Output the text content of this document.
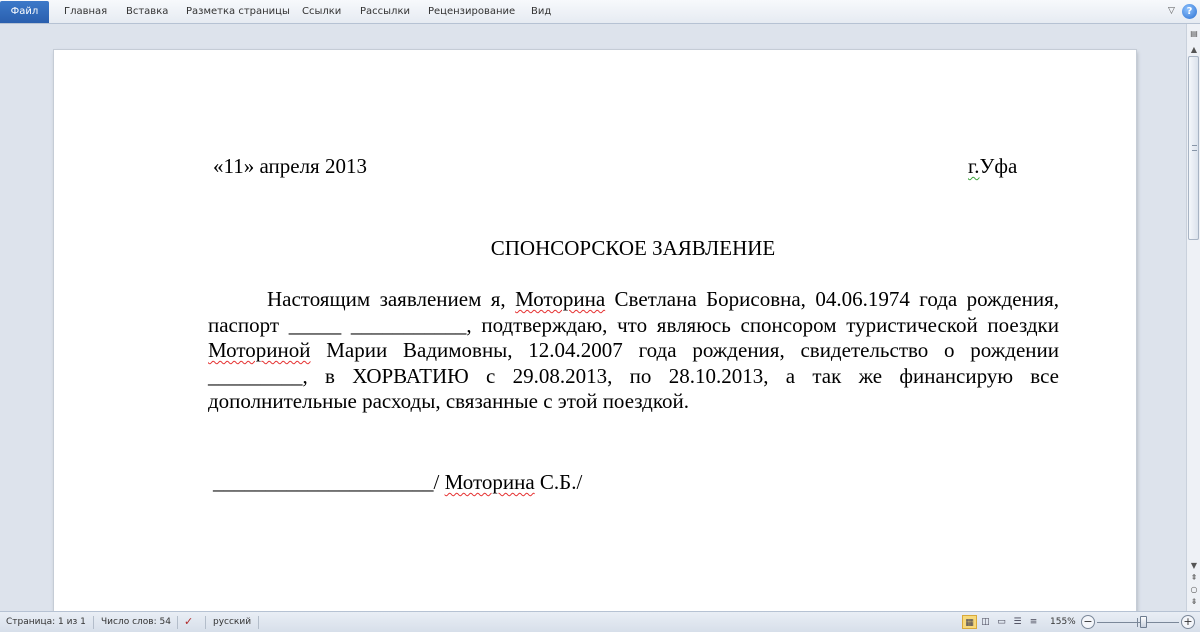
Файл	Главная Вставка Разметка страницы Ссылки Рассылки Рецензирование Вид	▽	?
«11» апреля 2013	г.Уфа
СПОНСОРСКОЕ ЗАЯВЛЕНИЕ
Настоящим заявлением я, Моторина Светлана Борисовна, 04.06.1974 года рождения, паспорт _____ ___________, подтверждаю, что являюсь спонсором туристической поездки Моториной Марии Вадимовны, 12.04.2007 года рождения, свидетельство о рождении _________, в ХОРВАТИЮ с 29.08.2013, по 28.10.2013, а так же финансирую все дополнительные расходы, связанные с этой поездкой.
_____________________/ Моторина С.Б./
▤
▲
▼
⇞
○
⇟
Страница: 1 из 1 Число слов: 54 ✓	русский	▦ ◫ ▭ ☰ ≡	155% −	+
